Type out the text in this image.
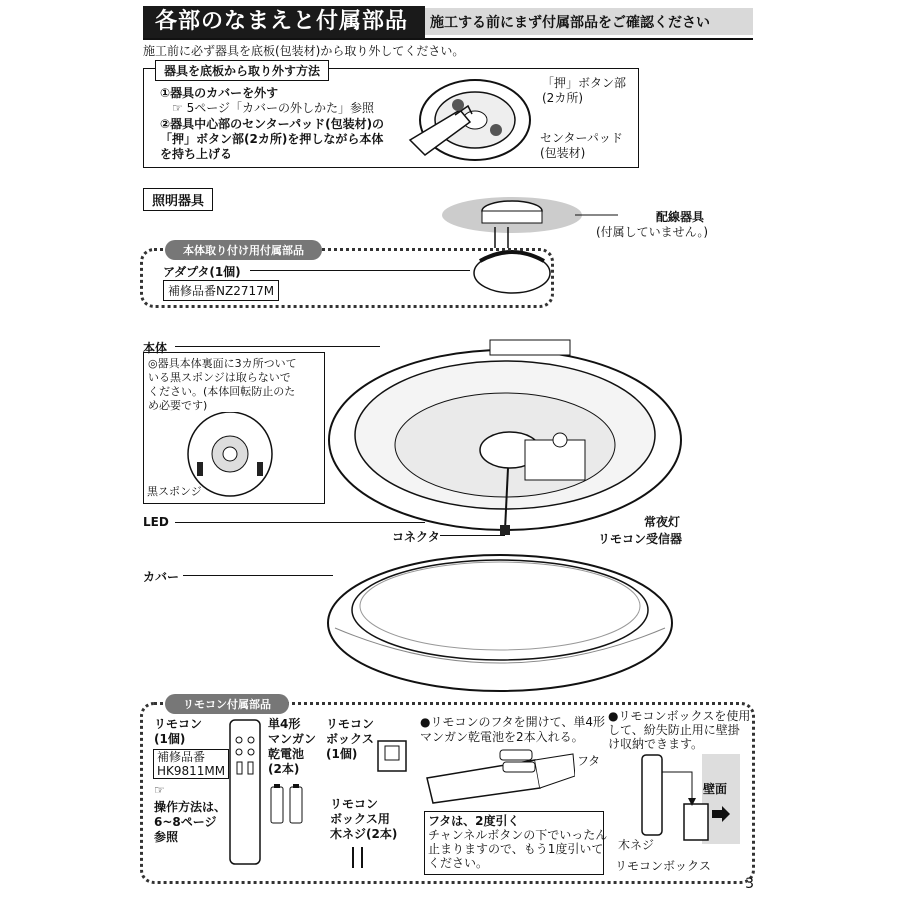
各部のなまえと付属部品	施工する前にまず付属部品をご確認ください
施工前に必ず器具を底板(包装材)から取り外してください。
器具を底板から取り外す方法
①器具のカバーを外す
☞ 5ページ「カバーの外しかた」参照
②器具中心部のセンターパッド(包装材)の
「押」ボタン部(2カ所)を押しながら本体
を持ち上げる
「押」ボタン部
(2カ所)
センターパッド
(包装材)
照明器具
配線器具
(付属していません。)
本体取り付け用付属部品
アダプタ(1個)
補修品番NZ2717M
本体
◎器具本体裏面に3カ所ついて
いる黒スポンジは取らないで
ください。(本体回転防止のた
め必要です)
黒スポンジ
LED	常夜灯
コネクタ	リモコン受信器
カバー
リモコン付属部品
リモコン
(1個)
補修品番
HK9811MM
☞
操作方法は、
6~8ページ
参照
単4形
マンガン
乾電池
(2本)
リモコン
ボックス
(1個)
リモコン
ボックス用
木ネジ(2本)
●リモコンのフタを開けて、単4形
マンガン乾電池を2本入れる。
フタ
フタは、2度引く
チャンネルボタンの下でいったん
止まりますので、もう1度引いて
ください。
●リモコンボックスを使用
して、紛失防止用に壁掛
け収納できます。
壁面
木ネジ
リモコンボックス
3
